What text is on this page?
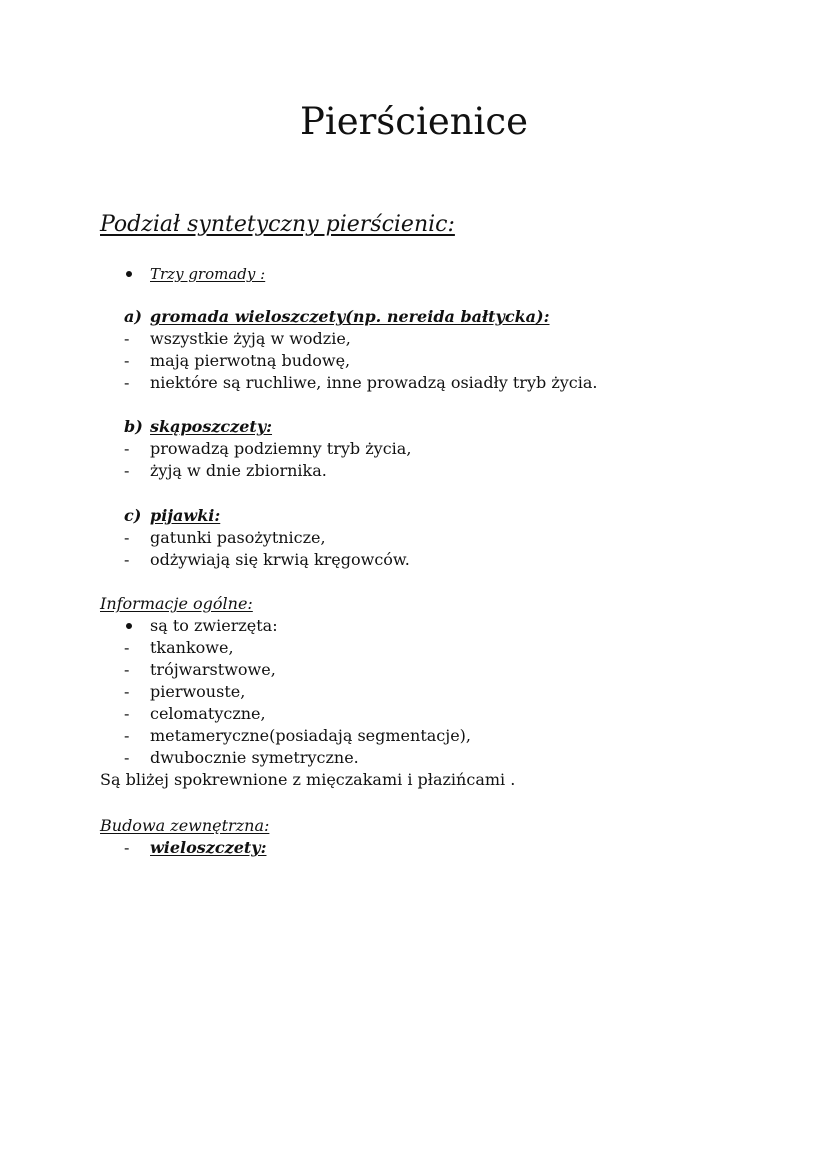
Pierścienice
Podział syntetyczny pierścienic:
Trzy gromady :
a) gromada wieloszczety(np. nereida bałtycka):
- wszystkie żyją w wodzie,
- mają pierwotną budowę,
- niektóre są ruchliwe, inne prowadzą osiadły tryb życia.
b) skąposzczety:
- prowadzą podziemny tryb życia,
- żyją w dnie zbiornika.
c) pijawki:
- gatunki pasożytnicze,
- odżywiają się krwią kręgowców.
Informacje ogólne:
są to zwierzęta:
- tkankowe,
- trójwarstwowe,
- pierwouste,
- celomatyczne,
- metameryczne(posiadają segmentacje),
- dwubocznie symetryczne.
Są bliżej spokrewnione z mięczakami i płazińcami .
Budowa zewnętrzna:
- wieloszczety:
